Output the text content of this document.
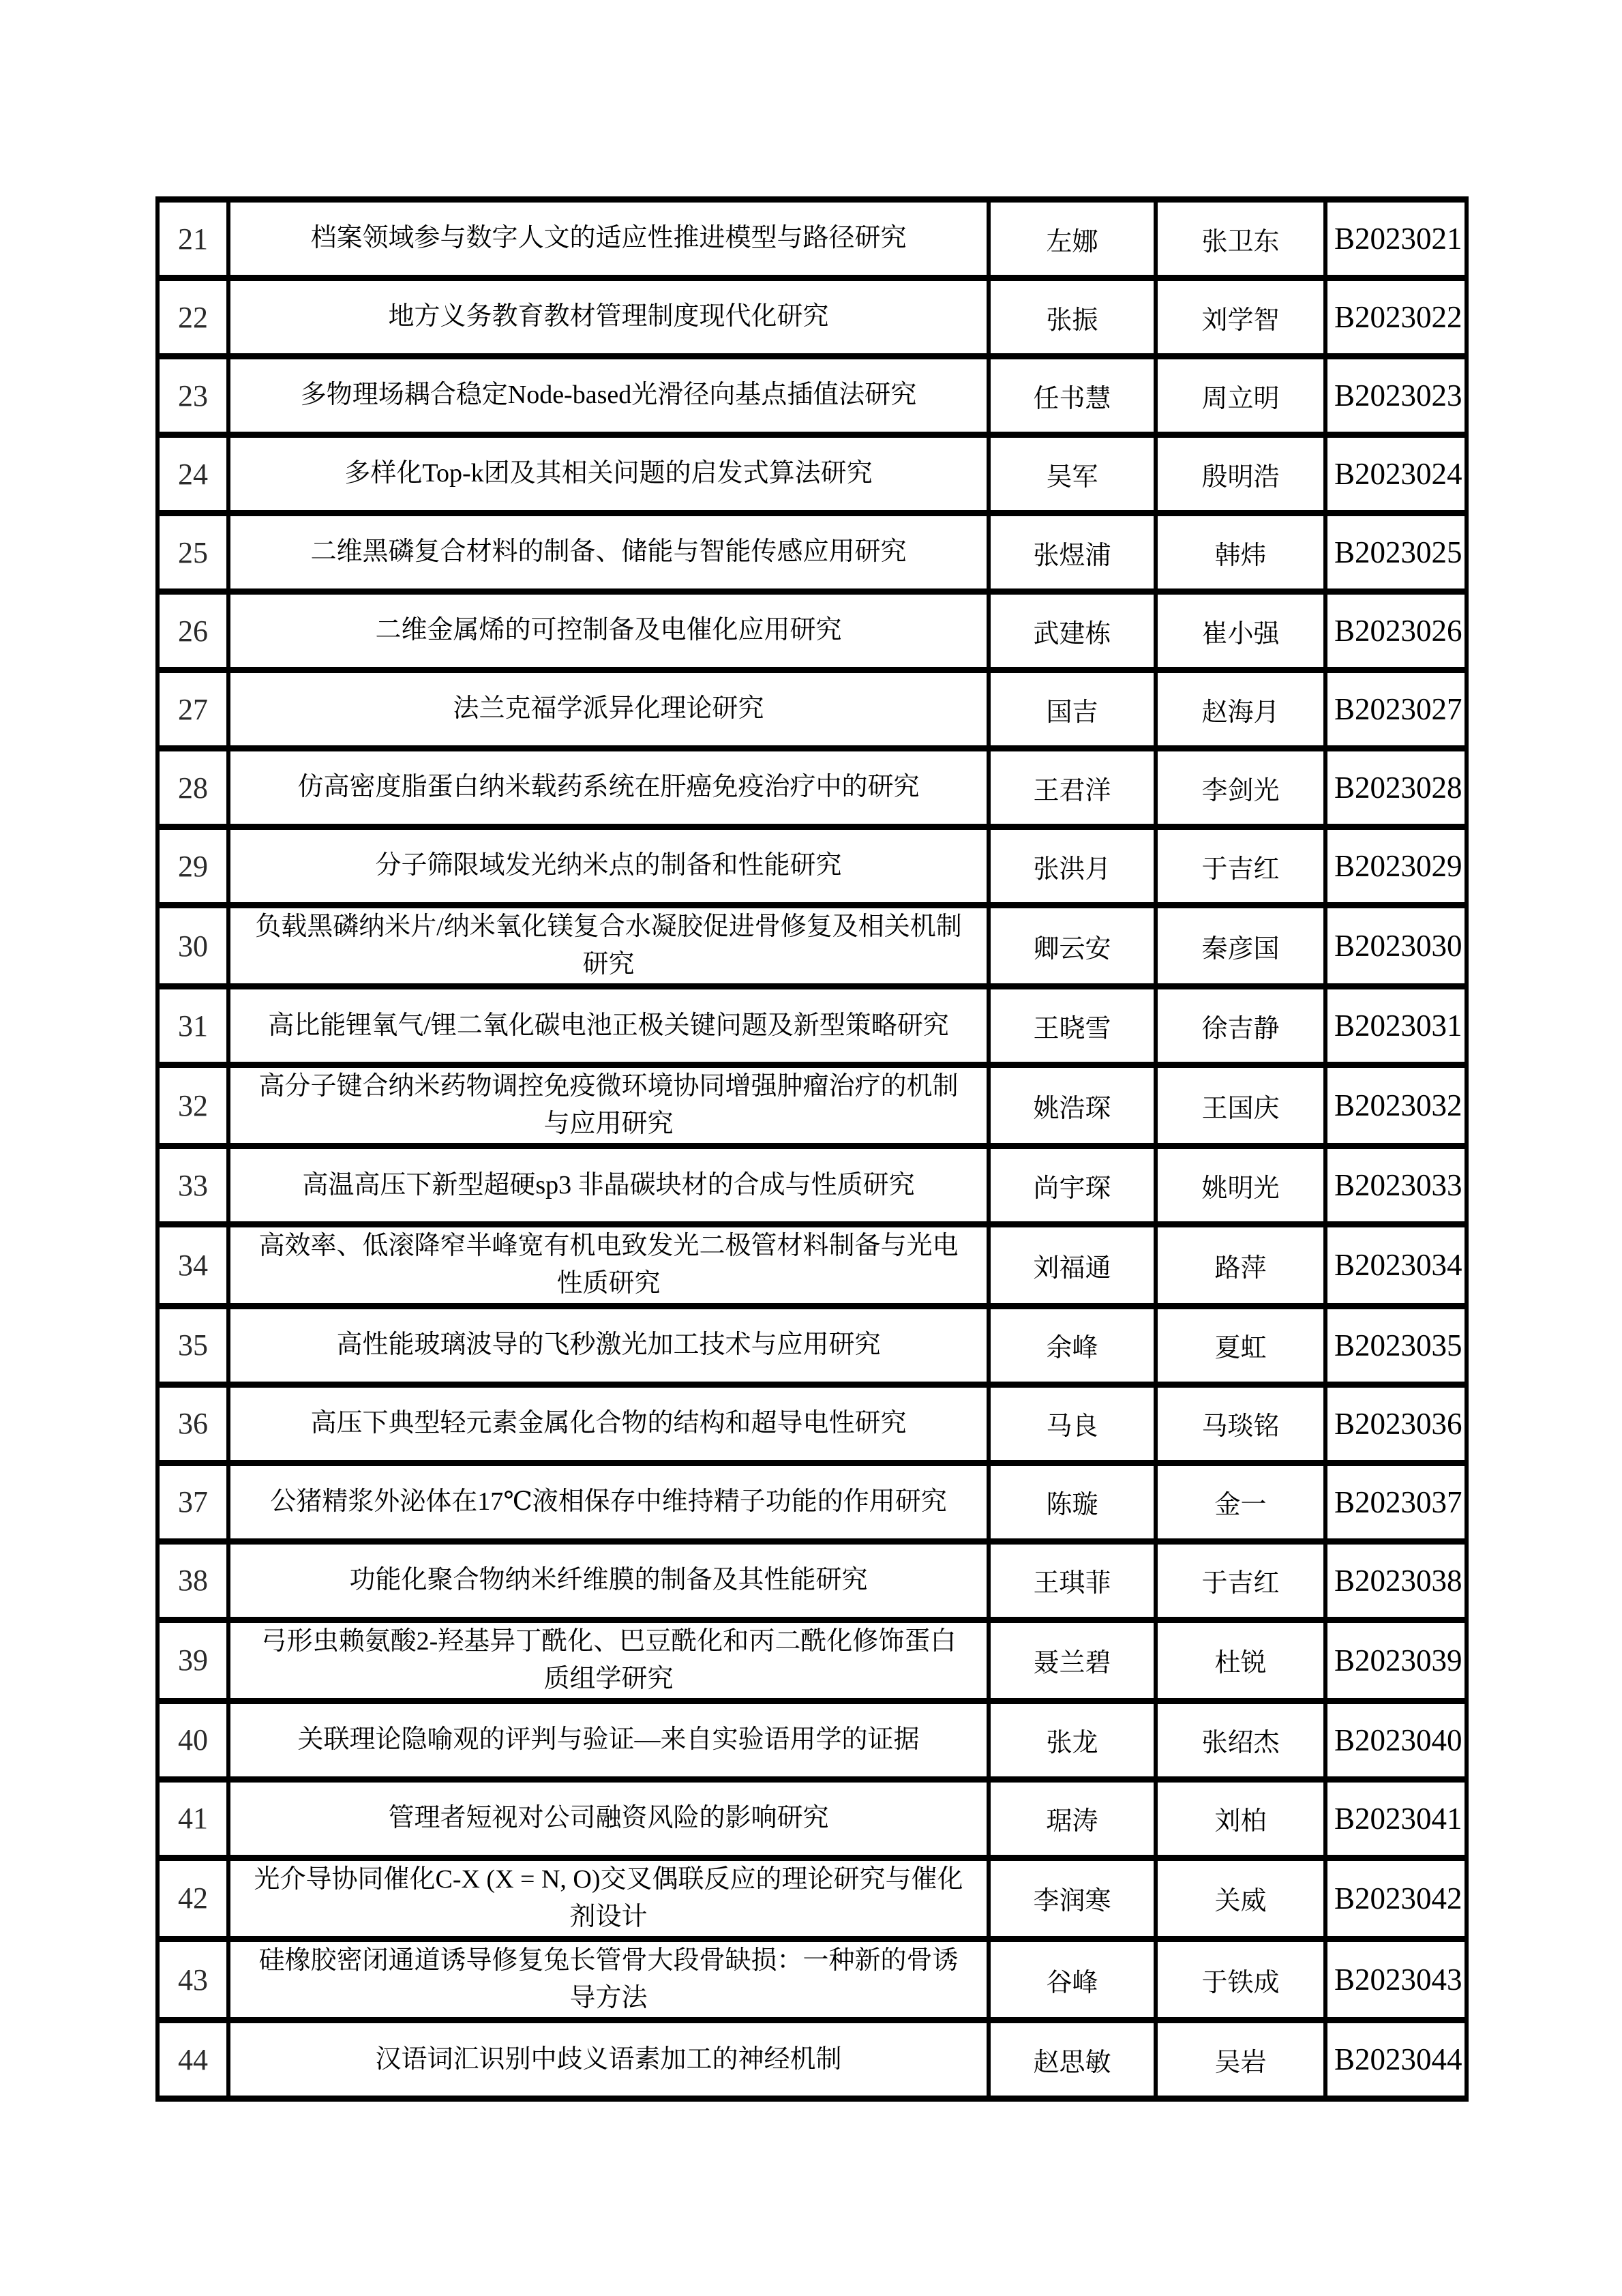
21	档案领域参与数字人文的适应性推进模型与路径研究	左娜	张卫东	B2023021
22	地方义务教育教材管理制度现代化研究	张振	刘学智	B2023022
23	多物理场耦合稳定Node-based光滑径向基点插值法研究	任书慧	周立明	B2023023
24	多样化Top-k团及其相关问题的启发式算法研究	吴军	殷明浩	B2023024
25	二维黑磷复合材料的制备、储能与智能传感应用研究	张煜浦	韩炜	B2023025
26	二维金属烯的可控制备及电催化应用研究	武建栋	崔小强	B2023026
27	法兰克福学派异化理论研究	国吉	赵海月	B2023027
28	仿高密度脂蛋白纳米载药系统在肝癌免疫治疗中的研究	王君洋	李剑光	B2023028
29	分子筛限域发光纳米点的制备和性能研究	张洪月	于吉红	B2023029
30	负载黑磷纳米片/纳米氧化镁复合水凝胶促进骨修复及相关机制研究	卿云安	秦彦国	B2023030
31	高比能锂氧气/锂二氧化碳电池正极关键问题及新型策略研究	王晓雪	徐吉静	B2023031
32	高分子键合纳米药物调控免疫微环境协同增强肿瘤治疗的机制与应用研究	姚浩琛	王国庆	B2023032
33	高温高压下新型超硬sp3 非晶碳块材的合成与性质研究	尚宇琛	姚明光	B2023033
34	高效率、低滚降窄半峰宽有机电致发光二极管材料制备与光电性质研究	刘福通	路萍	B2023034
35	高性能玻璃波导的飞秒激光加工技术与应用研究	余峰	夏虹	B2023035
36	高压下典型轻元素金属化合物的结构和超导电性研究	马良	马琰铭	B2023036
37	公猪精浆外泌体在17℃液相保存中维持精子功能的作用研究	陈璇	金一	B2023037
38	功能化聚合物纳米纤维膜的制备及其性能研究	王琪菲	于吉红	B2023038
39	弓形虫赖氨酸2-羟基异丁酰化、巴豆酰化和丙二酰化修饰蛋白质组学研究	聂兰碧	杜锐	B2023039
40	关联理论隐喻观的评判与验证—来自实验语用学的证据	张龙	张绍杰	B2023040
41	管理者短视对公司融资风险的影响研究	琚涛	刘柏	B2023041
42	光介导协同催化C-X (X = N, O)交叉偶联反应的理论研究与催化剂设计	李润寒	关威	B2023042
43	硅橡胶密闭通道诱导修复兔长管骨大段骨缺损：一种新的骨诱导方法	谷峰	于铁成	B2023043
44	汉语词汇识别中歧义语素加工的神经机制	赵思敏	吴岩	B2023044
